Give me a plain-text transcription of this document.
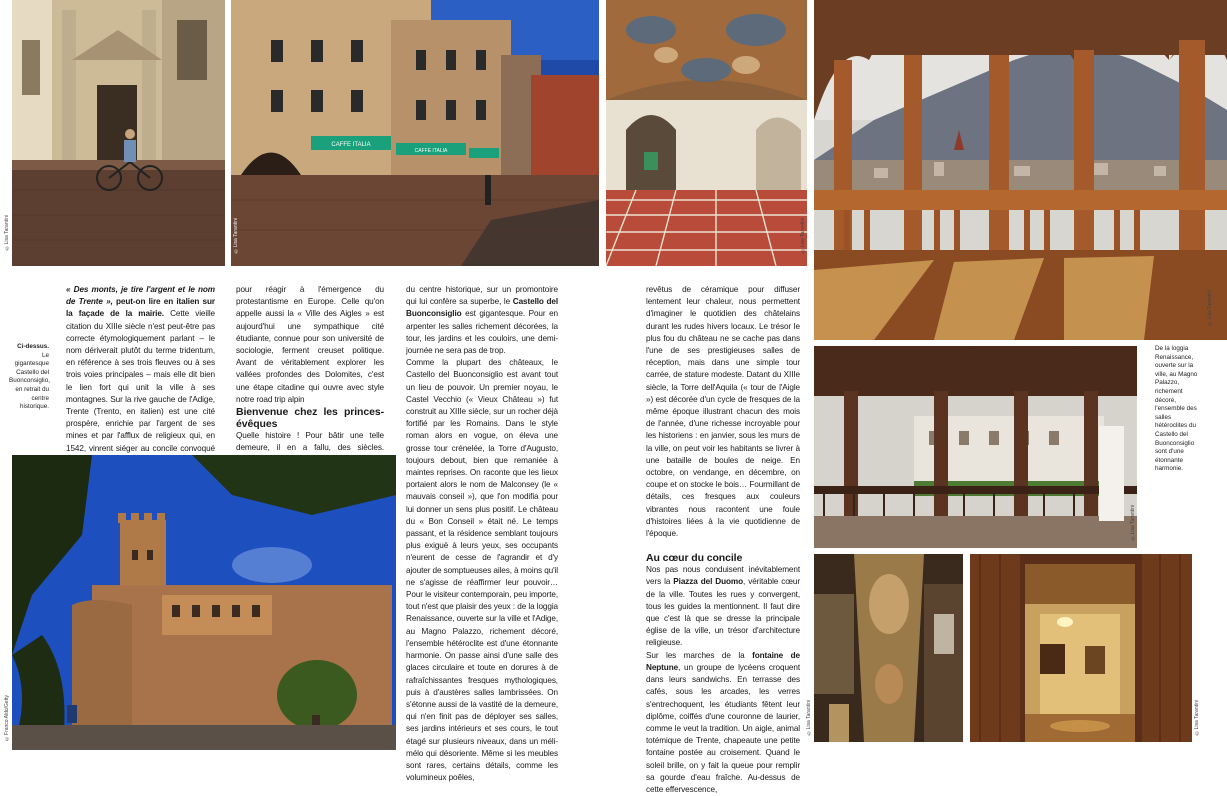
©Lisa Tarantini
CAFFE ITALIA
CAFFE ITALIA
©Lisa Tarantini	©Lisa Tarantini
©Lisa Tarantini
Ci-dessus.
Le gigantesque Castello del Buonconsiglio, en retrait du centre historique.

« Des monts, je tire l'argent et le nom de Trente », peut-on lire en italien sur la façade de la mairie. Cette vieille citation du XIIIe siècle n'est peut-être pas correcte étymologiquement parlant – le nom dériverait plutôt du terme tridentum, en référence à ses trois fleuves ou à ses trois voies principales – mais elle dit bien le lien fort qui unit la ville à ses montagnes. Sur la rive gauche de l'Adige, Trente (Trento, en italien) est une cité prospère, enrichie par l'argent de ses mines et par l'afflux de religieux qui, en 1542, vinrent siéger au concile convoqué

pour réagir à l'émergence du protestantisme en Europe. Celle qu'on appelle aussi la « Ville des Aigles » est aujourd'hui une sympathique cité étudiante, connue pour son université de sociologie, ferment creuset politique. Avant de véritablement explorer les vallées profondes des Dolomites, c'est une étape citadine qui ouvre avec style notre road trip alpin

Bienvenue chez les princes-évêques

Quelle histoire ! Pour bâtir une telle demeure, il en a fallu, des siècles.

©Franco Aldo/Getty

du centre historique, sur un promontoire qui lui confère sa superbe, le Castello del Buonconsiglio est gigantesque. Pour en arpenter les salles richement décorées, la tour, les jardins et les couloirs, une demi-journée ne sera pas de trop.

Comme la plupart des châteaux, le Castello del Buonconsiglio est avant tout un lieu de pouvoir. Un premier noyau, le Castel Vecchio (« Vieux Château ») fut construit au XIIIe siècle, sur un rocher déjà fortifié par les Romains. Dans le style roman alors en vogue, on éleva une grosse tour crénelée, la Torre d'Augusto, toujours debout, bien que remaniée à maintes reprises. On raconte que les lieux portaient alors le nom de Malconsey (le « mauvais conseil »), que l'on modifia pour lui donner un sens plus positif. Le château du « Bon Conseil » était né. Le temps passant, et la résidence semblant toujours plus exiguë à leurs yeux, ses occupants n'eurent de cesse de l'agrandir et d'y ajouter de somptueuses ailes, à moins qu'il ne s'agisse de réaffirmer leur pouvoir… Pour le visiteur contemporain, peu importe, tout n'est que plaisir des yeux : de la loggia Renaissance, ouverte sur la ville et l'Adige, au Magno Palazzo, richement décoré, l'ensemble hétéroclite est d'une étonnante harmonie. On passe ainsi d'une salle des glaces circulaire et toute en dorures à de rafraîchissantes fresques mythologiques, puis à d'austères salles lambrissées. On s'étonne aussi de la vastité de la demeure, qui n'en finit pas de déployer ses salles, ses jardins intérieurs et ses cours, le tout étagé sur plusieurs niveaux, dans un méli-mélo qui désoriente. Même si les meubles sont rares, certains détails, comme les volumineux poêles,

revêtus de céramique pour diffuser lentement leur chaleur, nous permettent d'imaginer le quotidien des châtelains durant les rudes hivers locaux. Le trésor le plus fou du château ne se cache pas dans l'une de ses prestigieuses salles de réception, mais dans une simple tour carrée, de stature modeste. Datant du XIIIe siècle, la Torre dell'Aquila (« tour de l'Aigle ») est décorée d'un cycle de fresques de la même époque illustrant chacun des mois de l'année, d'une richesse incroyable pour les historiens : en janvier, sous les murs de la ville, on peut voir les habitants se livrer à une bataille de boules de neige. En octobre, on vendange, en décembre, on coupe et on stocke le bois… Fourmillant de détails, ces fresques aux couleurs vibrantes nous racontent une foule d'histoires liées à la vie quotidienne de l'époque.

Au cœur du concile

Nos pas nous conduisent inévitablement vers la Piazza del Duomo, véritable cœur de la ville. Toutes les rues y convergent, tous les guides la mentionnent. Il faut dire que c'est là que se dresse la principale église de la ville, un trésor d'architecture religieuse.

Sur les marches de la fontaine de Neptune, un groupe de lycéens croquent dans leurs sandwichs. En terrasse des cafés, sous les arcades, les verres s'entrechoquent, les étudiants fêtent leur diplôme, coiffés d'une couronne de laurier, comme le veut la tradition. Un aigle, animal totémique de Trente, chapeaute une petite fontaine postée au croisement. Quand le soleil brille, on y fait la queue pour remplir sa gourde d'eau fraîche. Au-dessus de cette effervescence,

©Lisa Tarantini
De la loggia Renaissance, ouverte sur la ville, au Magno Palazzo, richement décoré, l'ensemble des salles hétéroclites du Castello del Buonconsiglio sont d'une étonnante harmonie.
©Lisa Tarantini	©Lisa Tarantini
